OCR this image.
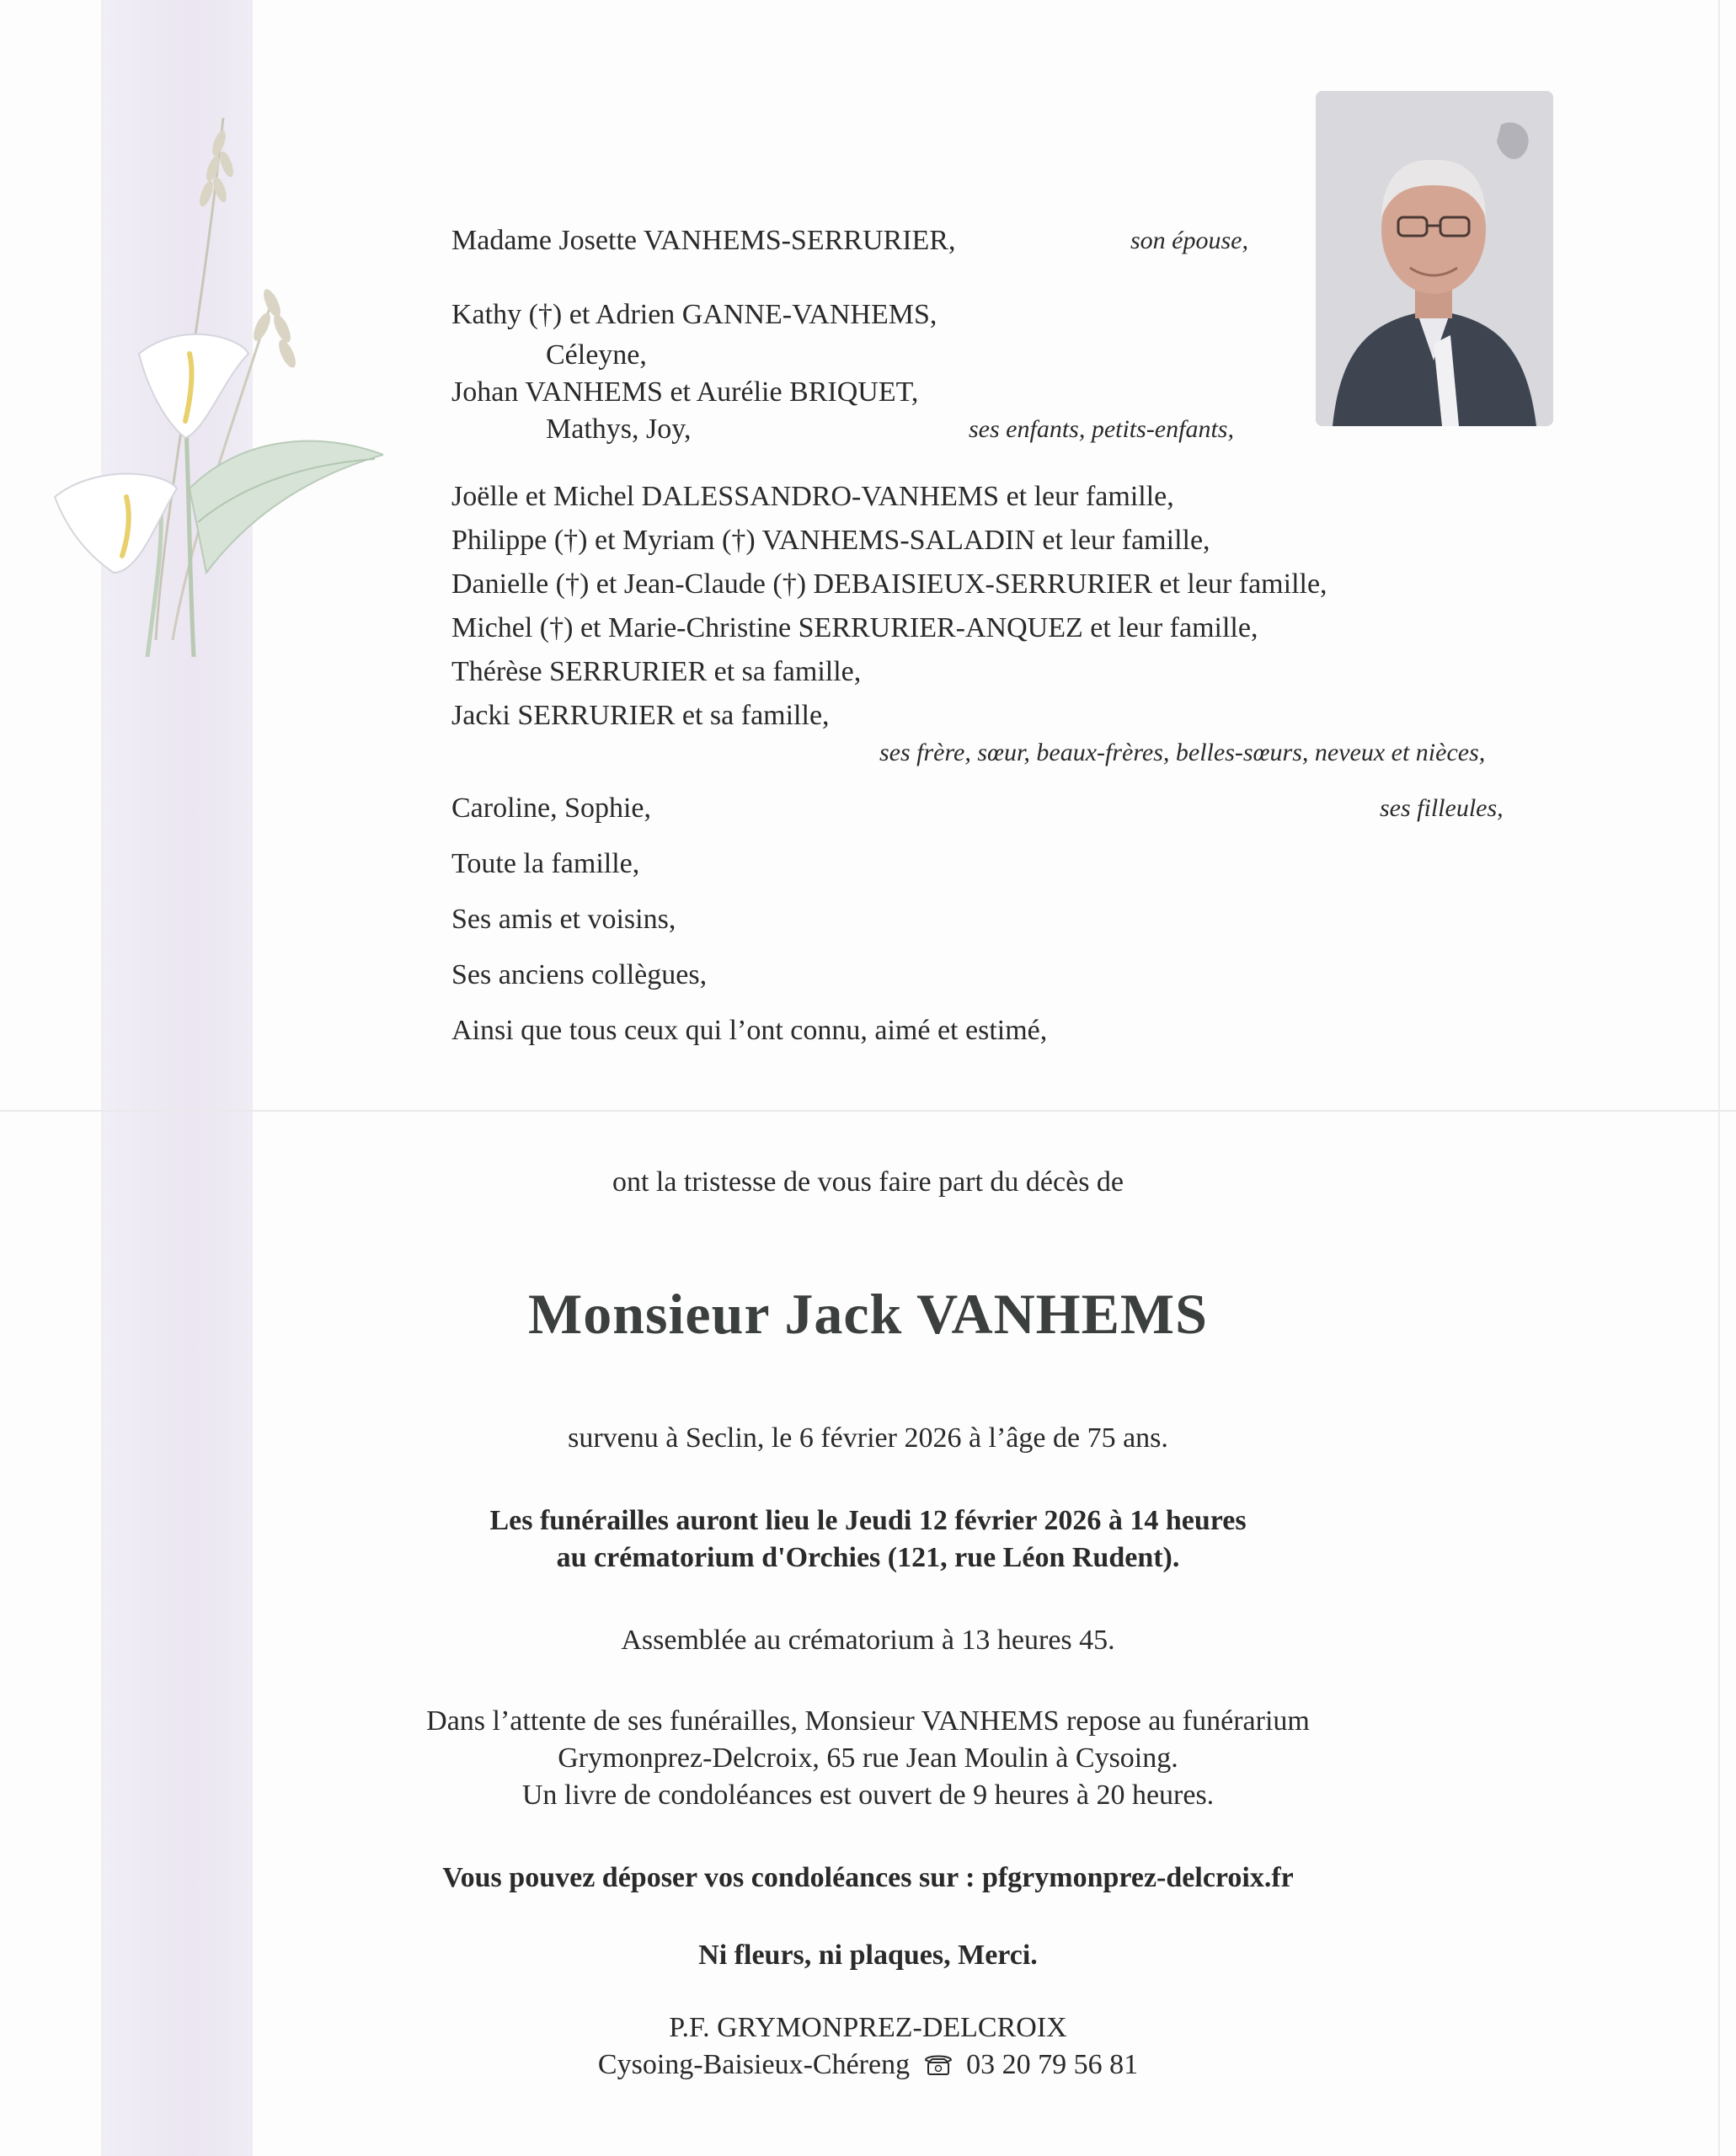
Madame Josette VANHEMS-SERRURIER,	son épouse,
Kathy (†) et Adrien GANNE-VANHEMS,
Céleyne,
Johan VANHEMS et Aurélie BRIQUET,
Mathys, Joy,	ses enfants, petits-enfants,
Joëlle et Michel DALESSANDRO-VANHEMS et leur famille,
Philippe (†) et Myriam (†) VANHEMS-SALADIN et leur famille,
Danielle (†) et Jean-Claude (†) DEBAISIEUX-SERRURIER et leur famille,
Michel (†) et Marie-Christine SERRURIER-ANQUEZ et leur famille,
Thérèse SERRURIER et sa famille,
Jacki SERRURIER et sa famille,
ses frère, sœur, beaux-frères, belles-sœurs, neveux et nièces,
Caroline, Sophie,	ses filleules,
Toute la famille,
Ses amis et voisins,
Ses anciens collègues,
Ainsi que tous ceux qui l’ont connu, aimé et estimé,
ont la tristesse de vous faire part du décès de
Monsieur Jack VANHEMS
survenu à Seclin, le 6 février 2026 à l’âge de 75 ans.
Les funérailles auront lieu le Jeudi 12 février 2026 à 14 heures
au crématorium d'Orchies (121, rue Léon Rudent).
Assemblée au crématorium à 13 heures 45.
Dans l’attente de ses funérailles, Monsieur VANHEMS repose au funérarium
Grymonprez-Delcroix, 65 rue Jean Moulin à Cysoing.
Un livre de condoléances est ouvert de 9 heures à 20 heures.
Vous pouvez déposer vos condoléances sur : pfgrymonprez-delcroix.fr
Ni fleurs, ni plaques, Merci.
P.F. GRYMONPREZ-DELCROIX
Cysoing-Baisieux-Chéreng 03 20 79 56 81
